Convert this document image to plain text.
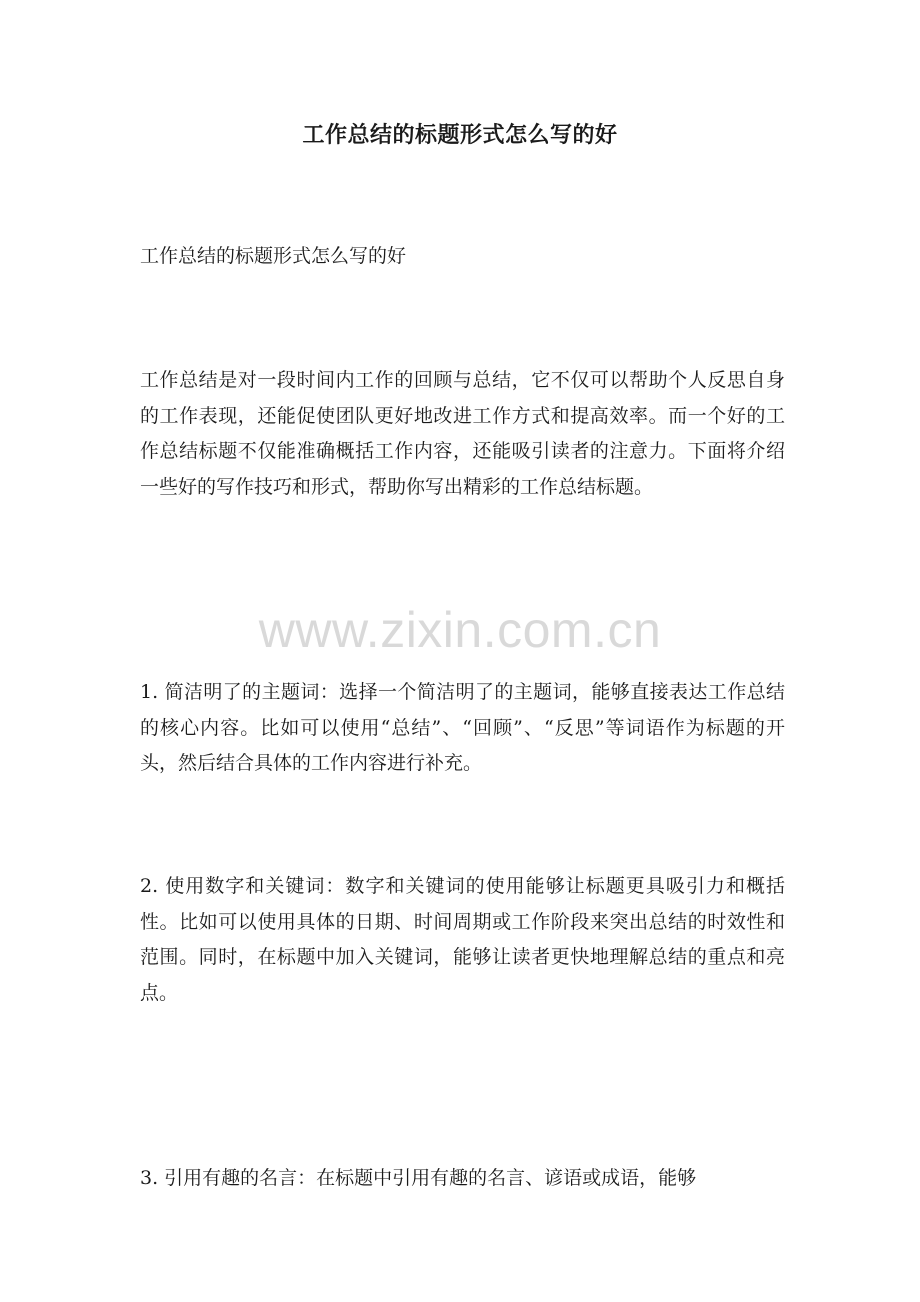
工作总结的标题形式怎么写的好

工作总结的标题形式怎么写的好

工作总结是对一段时间内工作的回顾与总结，它不仅可以帮助个人反思自身的工作表现，还能促使团队更好地改进工作方式和提高效率。而一个好的工作总结标题不仅能准确概括工作内容，还能吸引读者的注意力。下面将介绍一些好的写作技巧和形式，帮助你写出精彩的工作总结标题。

www.zixin.com.cn

1. 简洁明了的主题词：选择一个简洁明了的主题词，能够直接表达工作总结的核心内容。比如可以使用“总结”、“回顾”、“反思”等词语作为标题的开头，然后结合具体的工作内容进行补充。

2. 使用数字和关键词：数字和关键词的使用能够让标题更具吸引力和概括性。比如可以使用具体的日期、时间周期或工作阶段来突出总结的时效性和范围。同时，在标题中加入关键词，能够让读者更快地理解总结的重点和亮点。

3. 引用有趣的名言：在标题中引用有趣的名言、谚语或成语，能够
